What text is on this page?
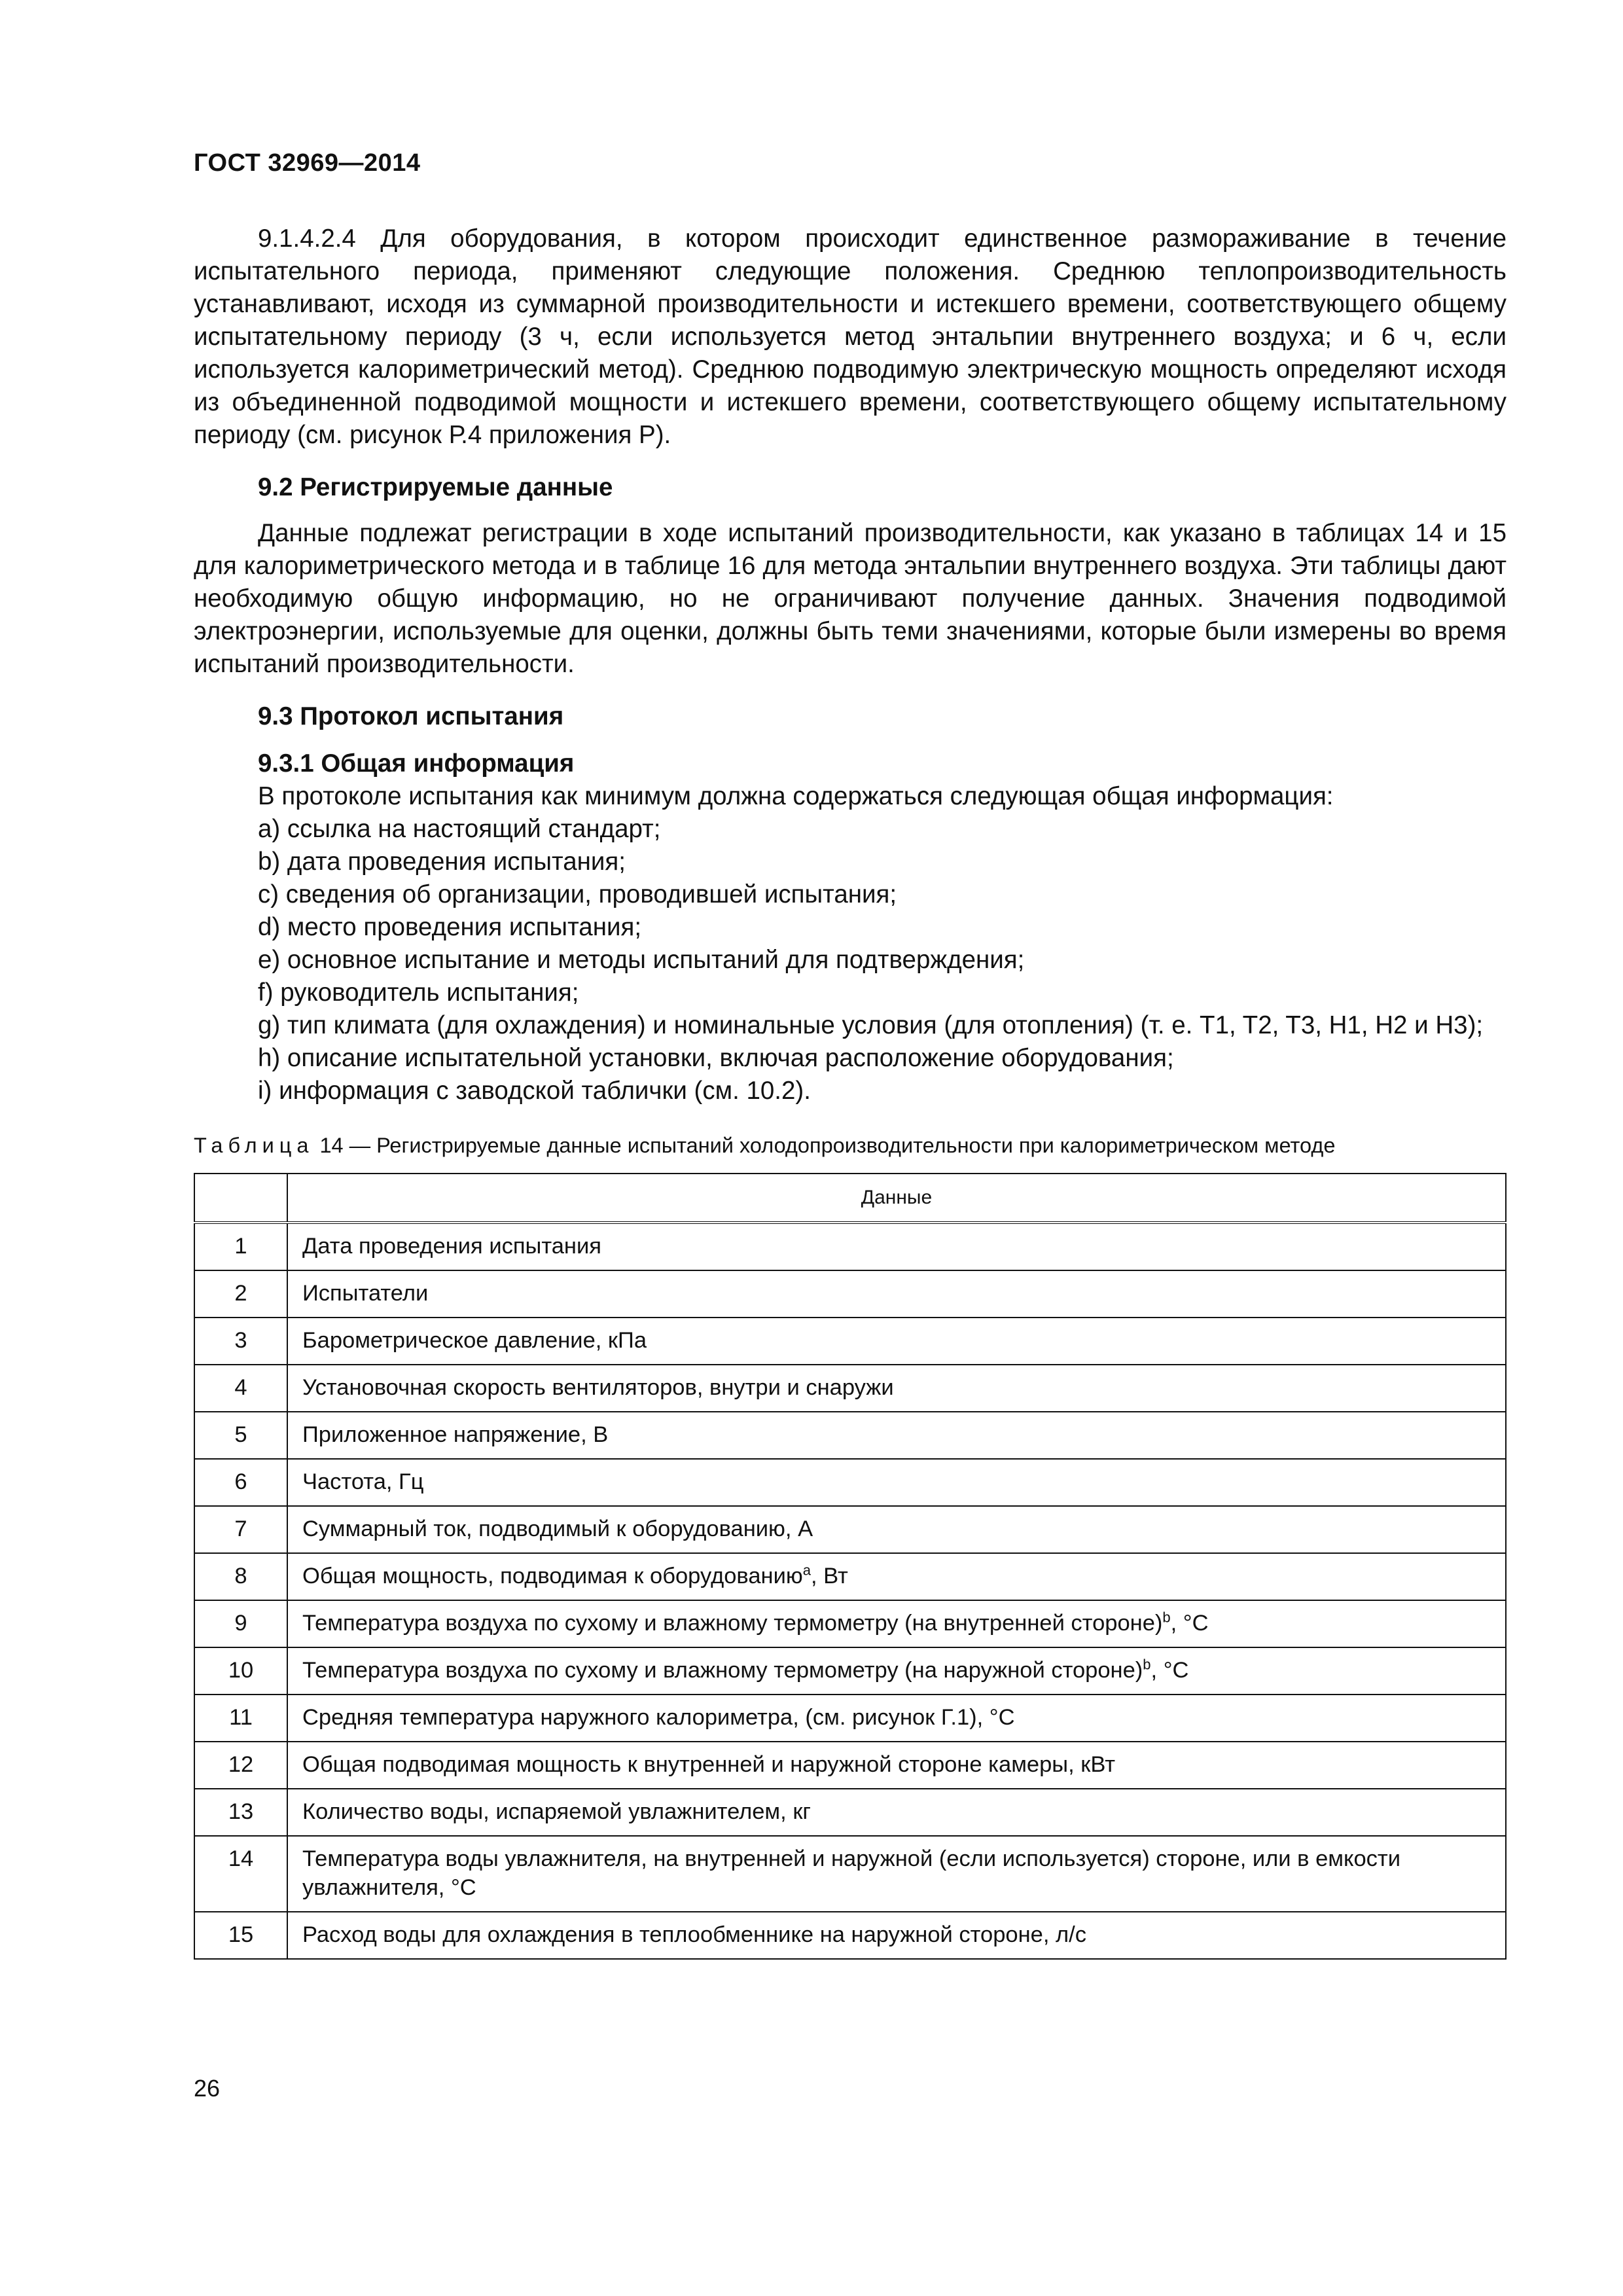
ГОСТ 32969—2014

9.1.4.2.4 Для оборудования, в котором происходит единственное размораживание в течение испытательного периода, применяют следующие положения. Среднюю теплопроизводительность устанавливают, исходя из суммарной производительности и истекшего времени, соответствующего общему испытательному периоду (3 ч, если используется метод энтальпии внутреннего воздуха; и 6 ч, если используется калориметрический метод). Среднюю подводимую электрическую мощность определяют исходя из объединенной подводимой мощности и истекшего времени, соответствующего общему испытательному периоду (см. рисунок Р.4 приложения Р).

9.2 Регистрируемые данные

Данные подлежат регистрации в ходе испытаний производительности, как указано в таблицах 14 и 15 для калориметрического метода и в таблице 16 для метода энтальпии внутреннего воздуха. Эти таблицы дают необходимую общую информацию, но не ограничивают получение данных. Значения подводимой электроэнергии, используемые для оценки, должны быть теми значениями, которые были измерены во время испытаний производительности.

9.3 Протокол испытания

9.3.1 Общая информация

В протоколе испытания как минимум должна содержаться следующая общая информация:

a) ссылка на настоящий стандарт;
b) дата проведения испытания;
c) сведения об организации, проводившей испытания;
d) место проведения испытания;
e) основное испытание и методы испытаний для подтверждения;
f) руководитель испытания;
g) тип климата (для охлаждения) и номинальные условия (для отопления) (т. е. T1, T2, T3, H1, H2 и H3);
h) описание испытательной установки, включая расположение оборудования;
i) информация с заводской таблички (см. 10.2).
Таблица 14 — Регистрируемые данные испытаний холодопроизводительности при калориметрическом методе
	Данные
1	Дата проведения испытания
2	Испытатели
3	Барометрическое давление, кПа
4	Установочная скорость вентиляторов, внутри и снаружи
5	Приложенное напряжение, В
6	Частота, Гц
7	Суммарный ток, подводимый к оборудованию, А
8	Общая мощность, подводимая к оборудованию$^a$, Вт
9	Температура воздуха по сухому и влажному термометру (на внутренней стороне)$^b$, °С
10	Температура воздуха по сухому и влажному термометру (на наружной стороне)$^b$, °С
11	Средняя температура наружного калориметра, (см. рисунок Г.1), °С
12	Общая подводимая мощность к внутренней и наружной стороне камеры, кВт
13	Количество воды, испаряемой увлажнителем, кг
14	Температура воды увлажнителя, на внутренней и наружной (если используется) стороне, или в емкости увлажнителя, °С
15	Расход воды для охлаждения в теплообменнике на наружной стороне, л/с
26
